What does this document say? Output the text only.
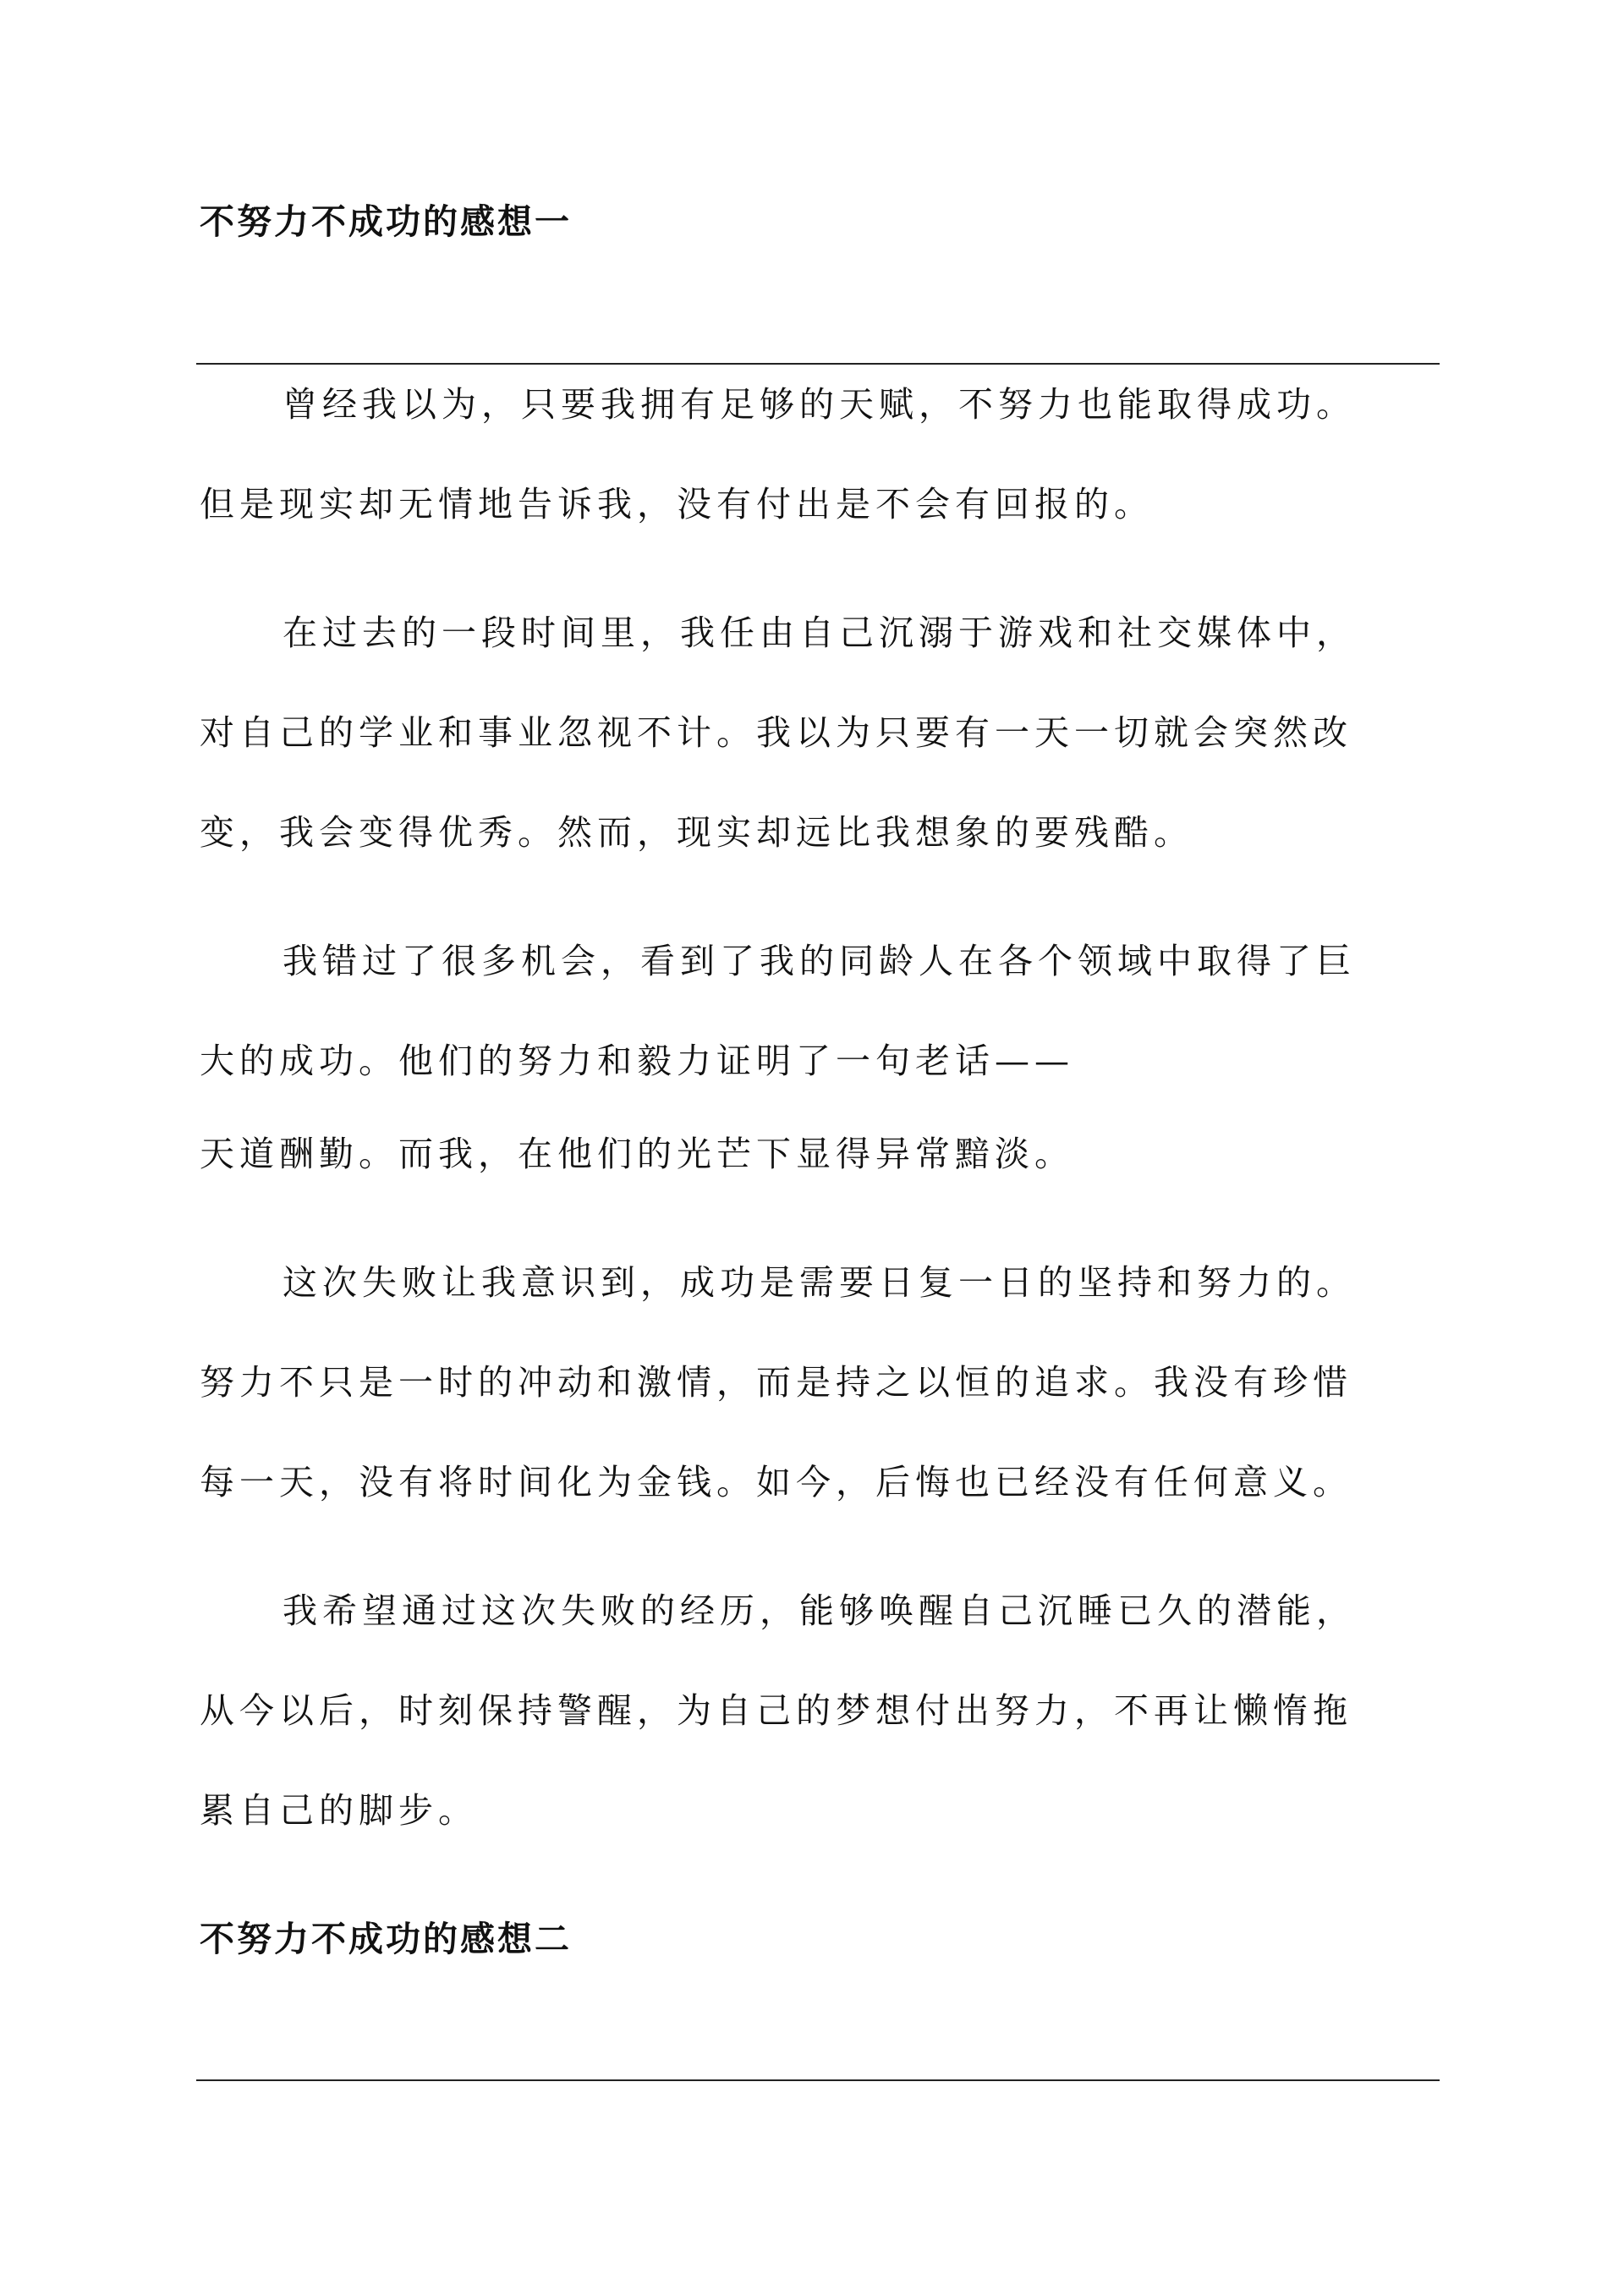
不努力不成功的感想一
曾经我以为，只要我拥有足够的天赋，不努力也能取得成功。
但是现实却无情地告诉我，没有付出是不会有回报的。
在过去的一段时间里，我任由自己沉溺于游戏和社交媒体中，
对自己的学业和事业忽视不计。我以为只要有一天一切就会突然改
变，我会变得优秀。然而，现实却远比我想象的要残酷。
我错过了很多机会，看到了我的同龄人在各个领域中取得了巨
大的成功。他们的努力和毅力证明了一句老话——
天道酬勤。而我，在他们的光芒下显得异常黯淡。
这次失败让我意识到，成功是需要日复一日的坚持和努力的。
努力不只是一时的冲动和激情，而是持之以恒的追求。我没有珍惜
每一天，没有将时间化为金钱。如今，后悔也已经没有任何意义。
我希望通过这次失败的经历，能够唤醒自己沉睡已久的潜能，
从今以后，时刻保持警醒，为自己的梦想付出努力，不再让懒惰拖
累自己的脚步。
不努力不成功的感想二
